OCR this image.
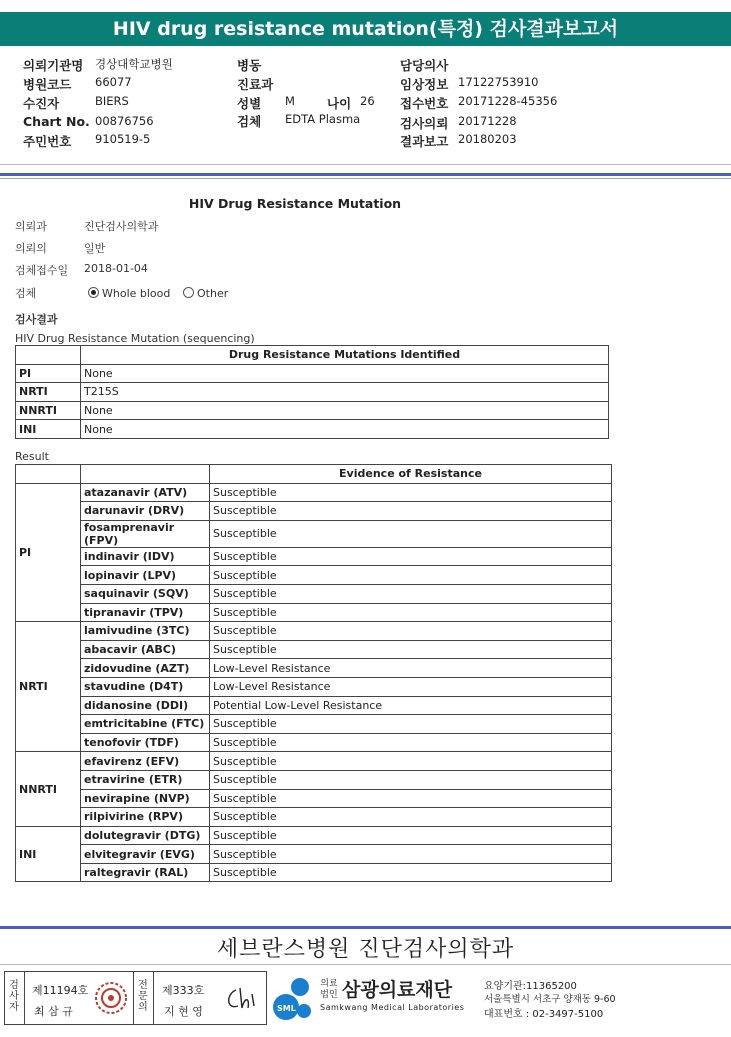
HIV drug resistance mutation(특정) 검사결과보고서
의뢰기관명 경상대학교병원
병원코드 66077
수진자	BIERS
Chart No. 00876756
주민번호 910519-5
병동
진료과
성별 M	나이 26
검체 EDTA Plasma
담당의사
임상정보 17122753910
접수번호 20171228-45356
검사의뢰 20171228
결과보고 20180203
HIV Drug Resistance Mutation
의뢰과	진단검사의학과
의뢰의	일반
검체접수일 2018-01-04
검체	Whole blood	Other
검사결과
HIV Drug Resistance Mutation (sequencing)
	Drug Resistance Mutations Identified
PI	None
NRTI	T215S
NNRTI	None
INI	None
Result
		Evidence of Resistance
PI	atazanavir (ATV)	Susceptible
	darunavir (DRV)	Susceptible
	fosamprenavir (FPV)	Susceptible
	indinavir (IDV)	Susceptible
	lopinavir (LPV)	Susceptible
	saquinavir (SQV)	Susceptible
	tipranavir (TPV)	Susceptible
NRTI	lamivudine (3TC)	Susceptible
	abacavir (ABC)	Susceptible
	zidovudine (AZT)	Low-Level Resistance
	stavudine (D4T)	Low-Level Resistance
	didanosine (DDI)	Potential Low-Level Resistance
	emtricitabine (FTC)	Susceptible
	tenofovir (TDF)	Susceptible
NNRTI	efavirenz (EFV)	Susceptible
	etravirine (ETR)	Susceptible
	nevirapine (NVP)	Susceptible
	rilpivirine (RPV)	Susceptible
INI	dolutegravir (DTG)	Susceptible
	elvitegravir (EVG)	Susceptible
	raltegravir (RAL)	Susceptible
세브란스병원 진단검사의학과
검사자
제11194호
최 삼 규
전문의
제333호
지 현 영	SML
의료 법인 삼광의료재단
Samkwang Medical Laboratories
요양기관:11365200
서울특별시 서초구 양재동 9-60
대표번호 : 02-3497-5100
